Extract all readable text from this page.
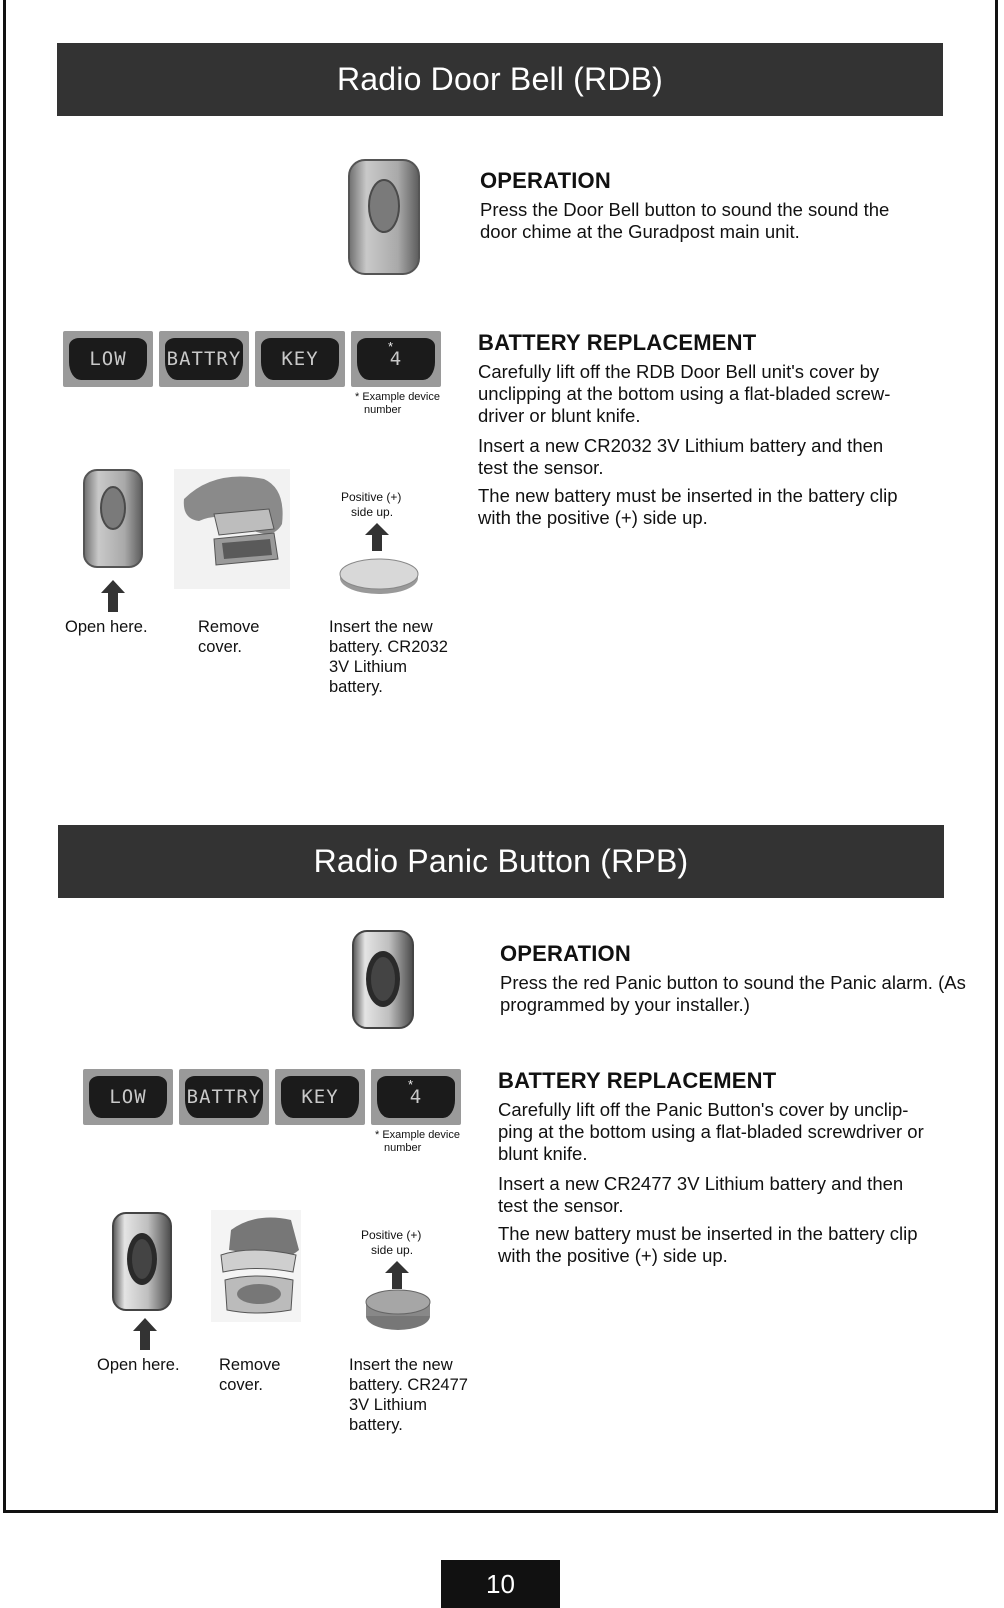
Radio Door Bell (RDB)
OPERATION
Press the Door Bell button to sound the sound the door chime at the Guradpost main unit.
LOW	BATTRY	KEY	4
*
* Example device
number
BATTERY REPLACEMENT
Carefully lift off the RDB Door Bell unit's cover by unclipping at the bottom using a flat-bladed screw-driver or blunt knife.
Insert a new CR2032 3V Lithium battery and then test the sensor.
The new battery must be inserted in the battery clip with the positive (+) side up.
Positive (+)
side up.
Open here.	Remove cover.
Insert the new battery. CR2032 3V Lithium battery.
Radio Panic Button (RPB)
OPERATION
Press the red Panic button to sound the Panic alarm. (As programmed by your installer.)
LOW	BATTRY	KEY	4
*
* Example device
number
BATTERY REPLACEMENT
Carefully lift off the Panic Button's cover by unclip-ping at the bottom using a flat-bladed screwdriver or blunt knife.
Insert a new CR2477 3V Lithium battery and then test the sensor.
The new battery must be inserted in the battery clip with the positive (+) side up.
Positive (+)
side up.
Open here. Remove cover.
Insert the new battery. CR2477 3V Lithium battery.
10
